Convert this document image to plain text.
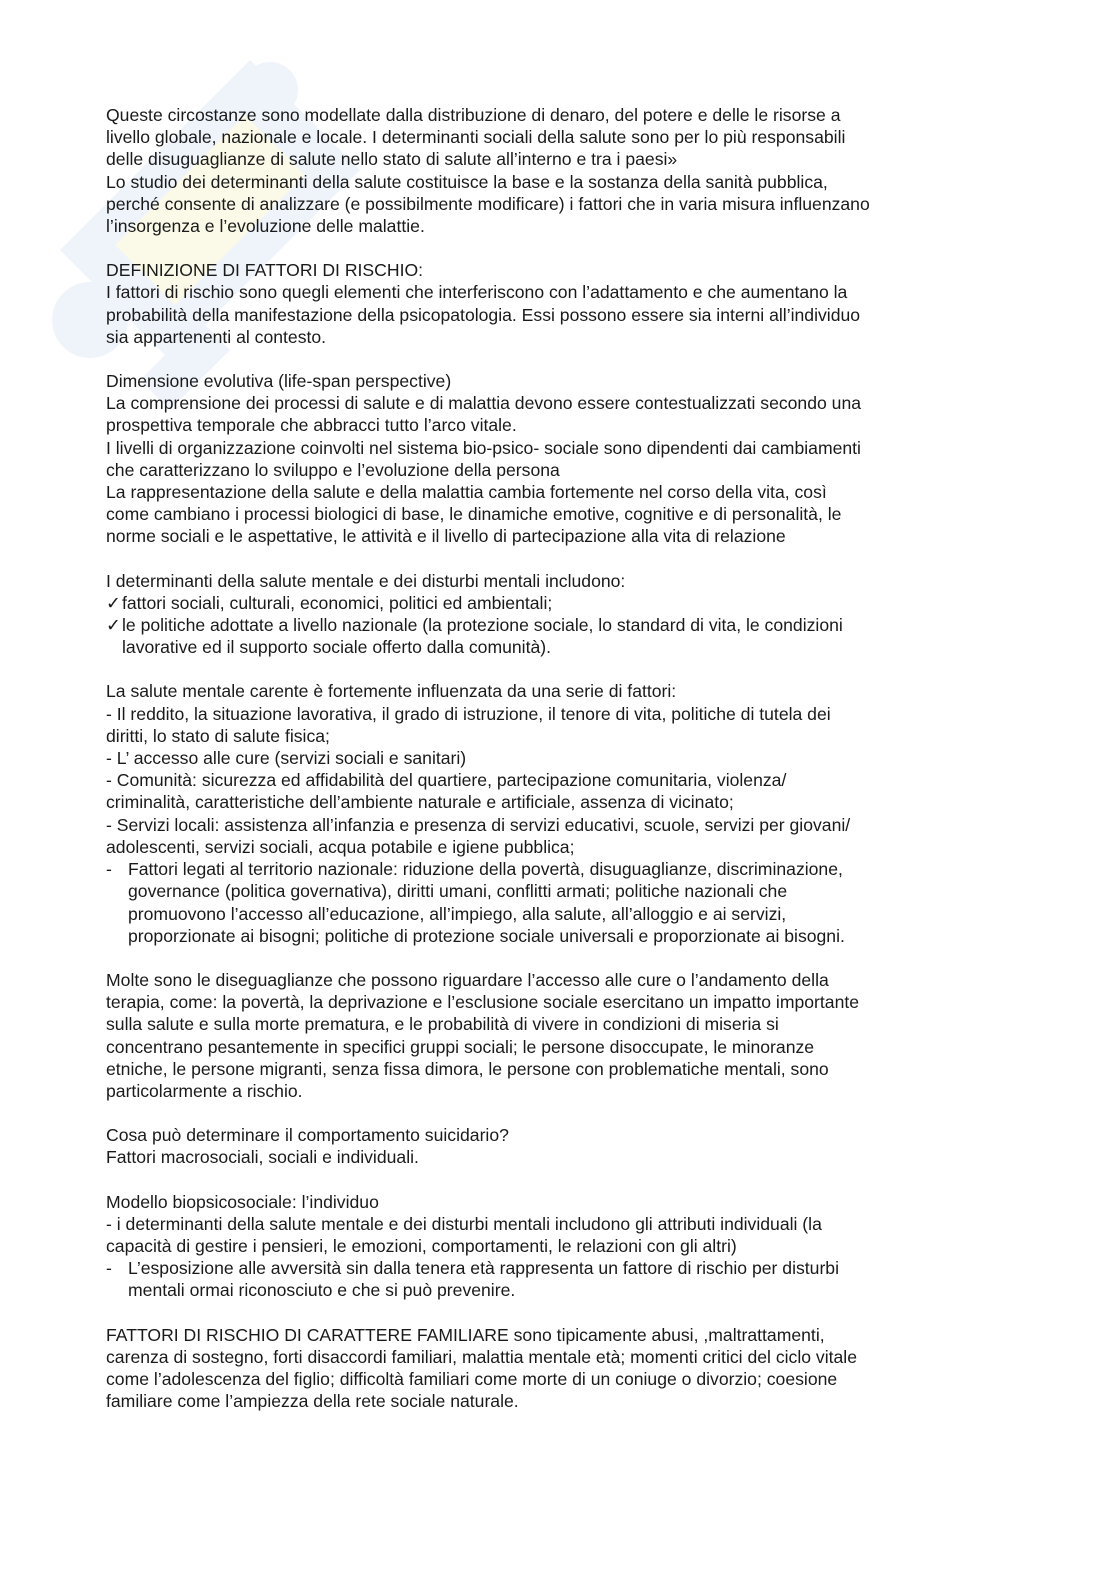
Queste circostanze sono modellate dalla distribuzione di denaro, del potere e delle le risorse a
livello globale, nazionale e locale. I determinanti sociali della salute sono per lo più responsabili
delle disuguaglianze di salute nello stato di salute all’interno e tra i paesi»
Lo studio dei determinanti della salute costituisce la base e la sostanza della sanità pubblica,
perché consente di analizzare (e possibilmente modificare) i fattori che in varia misura influenzano
l’insorgenza e l’evoluzione delle malattie.
DEFINIZIONE DI FATTORI DI RISCHIO:
I fattori di rischio sono quegli elementi che interferiscono con l’adattamento e che aumentano la
probabilità della manifestazione della psicopatologia. Essi possono essere sia interni all’individuo
sia appartenenti al contesto.
Dimensione evolutiva (life-span perspective)
La comprensione dei processi di salute e di malattia devono essere contestualizzati secondo una
prospettiva temporale che abbracci tutto l’arco vitale.
I livelli di organizzazione coinvolti nel sistema bio-psico- sociale sono dipendenti dai cambiamenti
che caratterizzano lo sviluppo e l’evoluzione della persona
La rappresentazione della salute e della malattia cambia fortemente nel corso della vita, così
come cambiano i processi biologici di base, le dinamiche emotive, cognitive e di personalità, le
norme sociali e le aspettative, le attività e il livello di partecipazione alla vita di relazione
I determinanti della salute mentale e dei disturbi mentali includono:
✓ fattori sociali, culturali, economici, politici ed ambientali;
✓ le politiche adottate a livello nazionale (la protezione sociale, lo standard di vita, le condizioni
lavorative ed il supporto sociale offerto dalla comunità).
La salute mentale carente è fortemente influenzata da una serie di fattori:
- Il reddito, la situazione lavorativa, il grado di istruzione, il tenore di vita, politiche di tutela dei
diritti, lo stato di salute fisica;
- L’ accesso alle cure (servizi sociali e sanitari)
- Comunità: sicurezza ed affidabilità del quartiere, partecipazione comunitaria, violenza/
criminalità, caratteristiche dell’ambiente naturale e artificiale, assenza di vicinato;
- Servizi locali: assistenza all’infanzia e presenza di servizi educativi, scuole, servizi per giovani/
adolescenti, servizi sociali, acqua potabile e igiene pubblica;
- Fattori legati al territorio nazionale: riduzione della povertà, disuguaglianze, discriminazione,
governance (politica governativa), diritti umani, conflitti armati; politiche nazionali che
promuovono l’accesso all’educazione, all’impiego, alla salute, all’alloggio e ai servizi,
proporzionate ai bisogni; politiche di protezione sociale universali e proporzionate ai bisogni.
Molte sono le diseguaglianze che possono riguardare l’accesso alle cure o l’andamento della
terapia, come: la povertà, la deprivazione e l’esclusione sociale esercitano un impatto importante
sulla salute e sulla morte prematura, e le probabilità di vivere in condizioni di miseria si
concentrano pesantemente in specifici gruppi sociali; le persone disoccupate, le minoranze
etniche, le persone migranti, senza fissa dimora, le persone con problematiche mentali, sono
particolarmente a rischio.
Cosa può determinare il comportamento suicidario?
Fattori macrosociali, sociali e individuali.
Modello biopsicosociale: l’individuo
- i determinanti della salute mentale e dei disturbi mentali includono gli attributi individuali (la
capacità di gestire i pensieri, le emozioni, comportamenti, le relazioni con gli altri)
- L’esposizione alle avversità sin dalla tenera età rappresenta un fattore di rischio per disturbi
mentali ormai riconosciuto e che si può prevenire.
FATTORI DI RISCHIO DI CARATTERE FAMILIARE sono tipicamente abusi, ,maltrattamenti,
carenza di sostegno, forti disaccordi familiari, malattia mentale età; momenti critici del ciclo vitale
come l’adolescenza del figlio; difficoltà familiari come morte di un coniuge o divorzio; coesione
familiare come l’ampiezza della rete sociale naturale.
